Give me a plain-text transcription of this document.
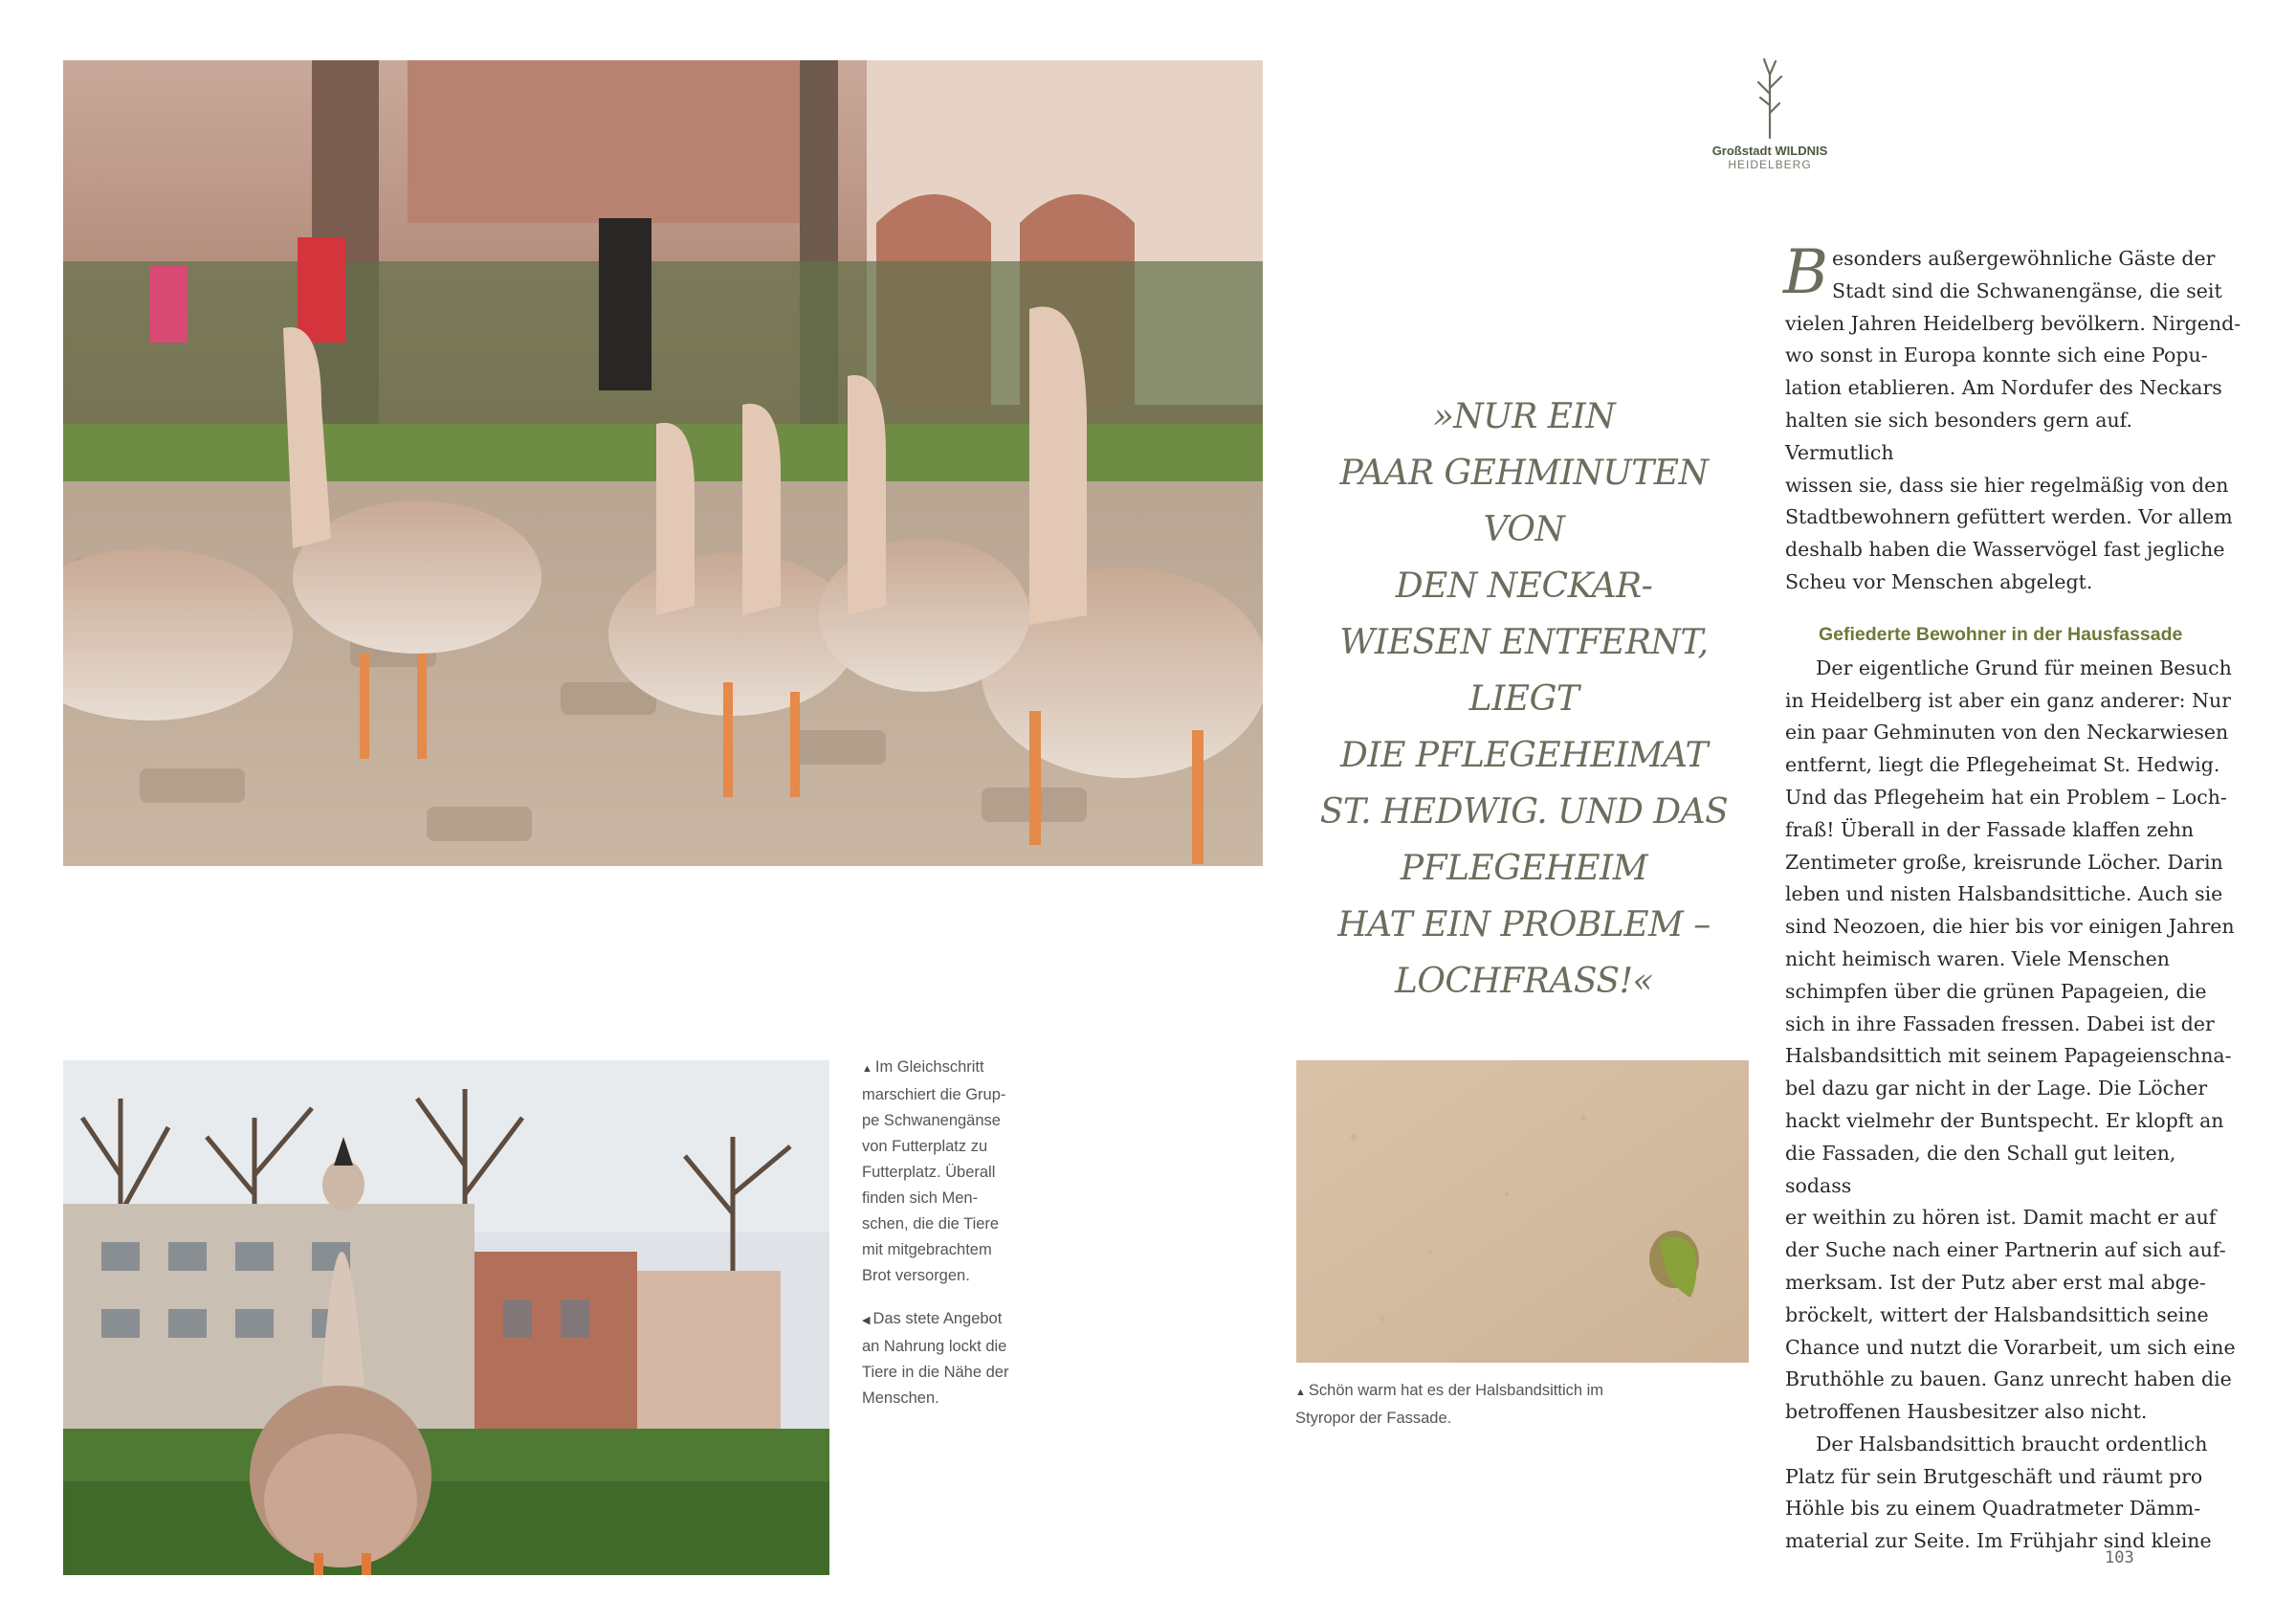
»NUR EIN
PAAR GEHMINUTEN VON
DEN NECKAR-
WIESEN ENTFERNT, LIEGT
DIE PFLEGEHEIMAT
ST. HEDWIG. UND DAS
PFLEGEHEIM
HAT EIN PROBLEM –
LOCHFRASS!«
Großstadt WILDNIS
HEIDELBERG

Besonders außergewöhnliche Gäste der
Stadt sind die Schwanengänse, die seit
vielen Jahren Heidelberg bevölkern. Nirgend-
wo sonst in Europa konnte sich eine Popu-
lation etablieren. Am Nordufer des Neckars
halten sie sich besonders gern auf. Vermutlich
wissen sie, dass sie hier regelmäßig von den
Stadtbewohnern gefüttert werden. Vor allem
deshalb haben die Wasservögel fast jegliche
Scheu vor Menschen abgelegt.

Gefiederte Bewohner in der Hausfassade

Der eigentliche Grund für meinen Besuch
in Heidelberg ist aber ein ganz anderer: Nur
ein paar Gehminuten von den Neckarwiesen
entfernt, liegt die Pflegeheimat St. Hedwig.
Und das Pflegeheim hat ein Problem – Loch-
fraß! Überall in der Fassade klaffen zehn
Zentimeter große, kreisrunde Löcher. Darin
leben und nisten Halsbandsittiche. Auch sie
sind Neozoen, die hier bis vor einigen Jahren
nicht heimisch waren. Viele Menschen
schimpfen über die grünen Papageien, die
sich in ihre Fassaden fressen. Dabei ist der
Halsbandsittich mit seinem Papageienschna-
bel dazu gar nicht in der Lage. Die Löcher
hackt vielmehr der Buntspecht. Er klopft an
die Fassaden, die den Schall gut leiten, sodass
er weithin zu hören ist. Damit macht er auf
der Suche nach einer Partnerin auf sich auf-
merksam. Ist der Putz aber erst mal abge-
bröckelt, wittert der Halsbandsittich seine
Chance und nutzt die Vorarbeit, um sich eine
Bruthöhle zu bauen. Ganz unrecht haben die
betroffenen Hausbesitzer also nicht.

Der Halsbandsittich braucht ordentlich
Platz für sein Brutgeschäft und räumt pro
Höhle bis zu einem Quadratmeter Dämm-
material zur Seite. Im Frühjahr sind kleine

▲ Im Gleichschritt
marschiert die Grup-
pe Schwanengänse
von Futterplatz zu
Futterplatz. Überall
finden sich Men-
schen, die die Tiere
mit mitgebrachtem
Brot versorgen.

◀ Das stete Angebot
an Nahrung lockt die
Tiere in die Nähe der
Menschen.	▲ Schön warm hat es der Halsbandsittich im
Styropor der Fassade.

103
